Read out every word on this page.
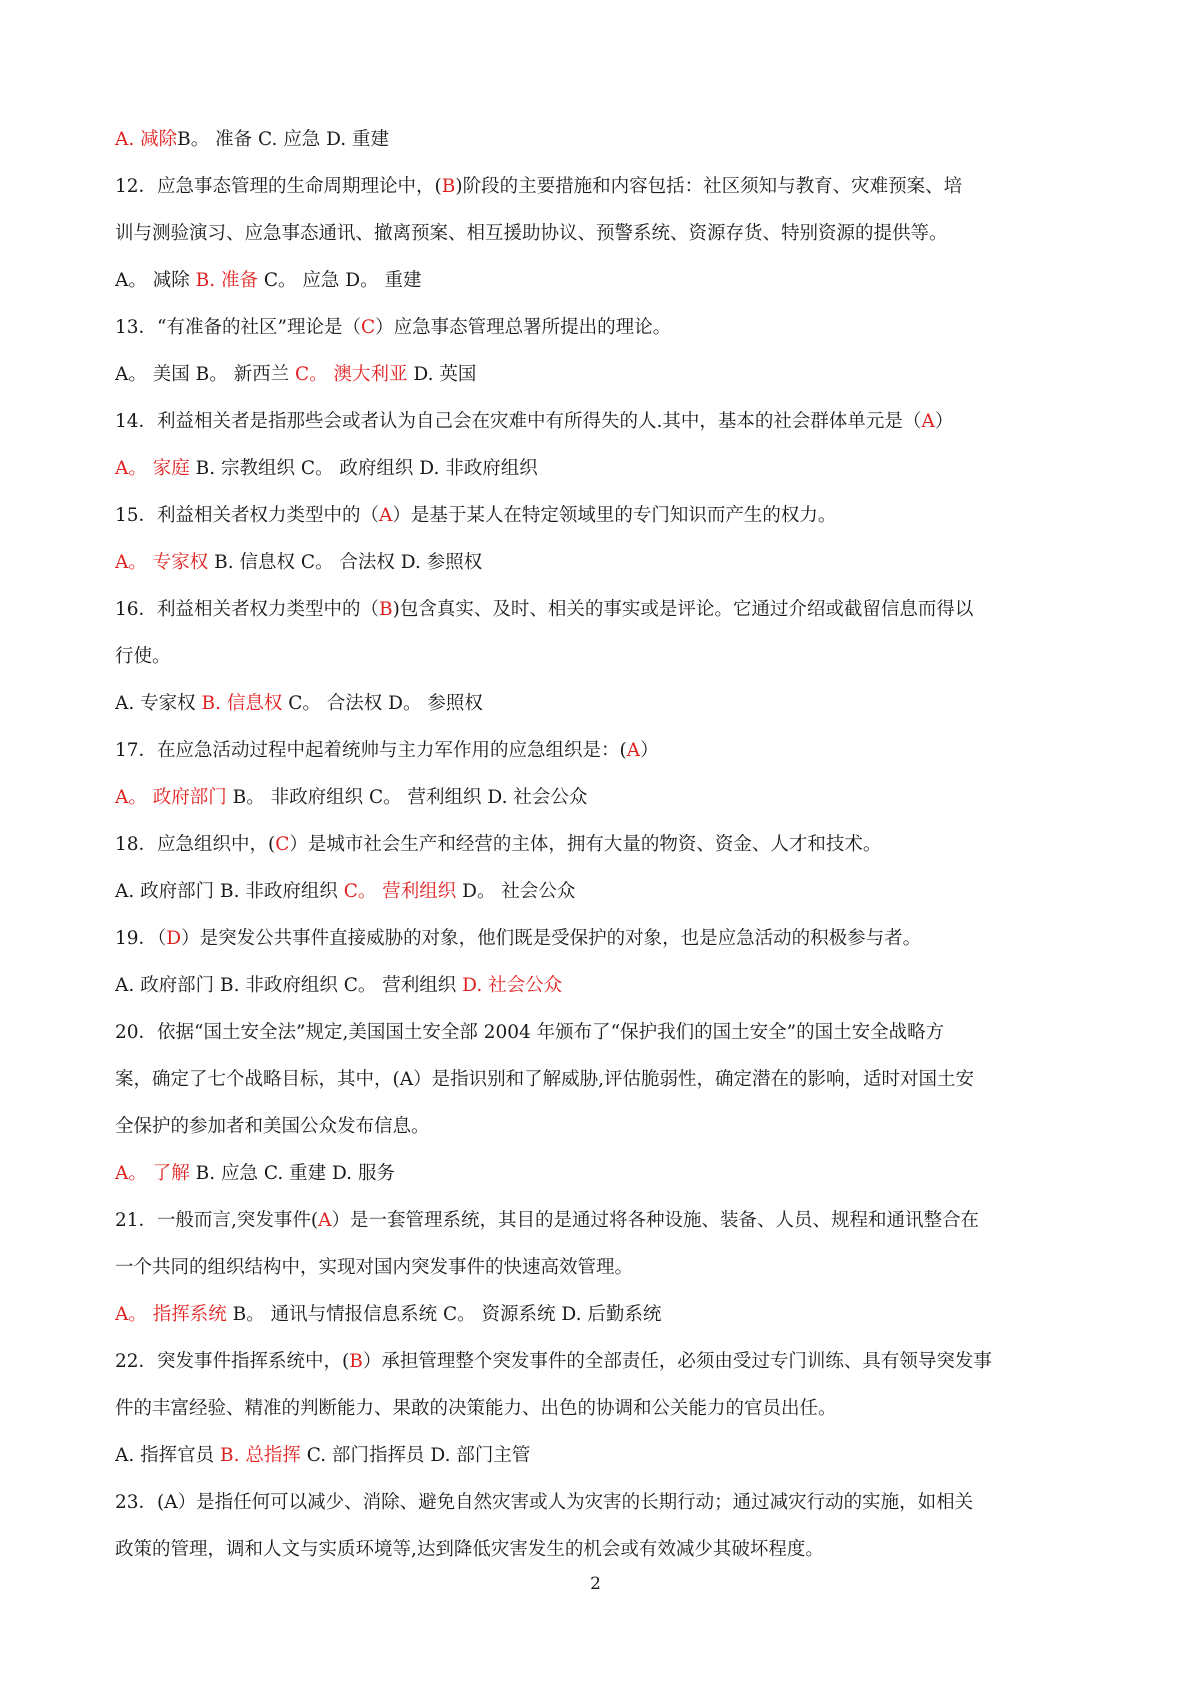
A. 减除B。 准备 C. 应急 D. 重建
12．应急事态管理的生命周期理论中，(B)阶段的主要措施和内容包括：社区须知与教育、灾难预案、培
训与测验演习、应急事态通讯、撤离预案、相互援助协议、预警系统、资源存货、特别资源的提供等。
A。 减除 B. 准备 C。 应急 D。 重建
13．“有准备的社区”理论是（C）应急事态管理总署所提出的理论。
A。 美国 B。 新西兰 C。 澳大利亚 D. 英国
14．利益相关者是指那些会或者认为自己会在灾难中有所得失的人.其中，基本的社会群体单元是（A）
A。 家庭 B. 宗教组织 C。 政府组织 D. 非政府组织
15．利益相关者权力类型中的（A）是基于某人在特定领域里的专门知识而产生的权力。
A。 专家权 B. 信息权 C。 合法权 D. 参照权
16．利益相关者权力类型中的（B)包含真实、及时、相关的事实或是评论。它通过介绍或截留信息而得以
行使。
A. 专家权 B. 信息权 C。 合法权 D。 参照权
17．在应急活动过程中起着统帅与主力军作用的应急组织是：(A）
A。 政府部门 B。 非政府组织 C。 营利组织 D. 社会公众
18．应急组织中，(C）是城市社会生产和经营的主体，拥有大量的物资、资金、人才和技术。
A. 政府部门 B. 非政府组织 C。 营利组织 D。 社会公众
19．（D）是突发公共事件直接威胁的对象，他们既是受保护的对象，也是应急活动的积极参与者。
A. 政府部门 B. 非政府组织 C。 营利组织 D. 社会公众
20．依据“国土安全法”规定,美国国土安全部 2004 年颁布了“保护我们的国土安全”的国土安全战略方
案，确定了七个战略目标，其中，(A）是指识别和了解威胁,评估脆弱性，确定潜在的影响，适时对国土安
全保护的参加者和美国公众发布信息。
A。 了解 B. 应急 C. 重建 D. 服务
21．一般而言,突发事件(A）是一套管理系统，其目的是通过将各种设施、装备、人员、规程和通讯整合在
一个共同的组织结构中，实现对国内突发事件的快速高效管理。
A。 指挥系统 B。 通讯与情报信息系统 C。 资源系统 D. 后勤系统
22．突发事件指挥系统中，(B）承担管理整个突发事件的全部责任，必须由受过专门训练、具有领导突发事
件的丰富经验、精准的判断能力、果敢的决策能力、出色的协调和公关能力的官员出任。
A. 指挥官员 B. 总指挥 C. 部门指挥员 D. 部门主管
23．(A）是指任何可以减少、消除、避免自然灾害或人为灾害的长期行动；通过减灾行动的实施，如相关
政策的管理，调和人文与实质环境等,达到降低灾害发生的机会或有效减少其破坏程度。
2
